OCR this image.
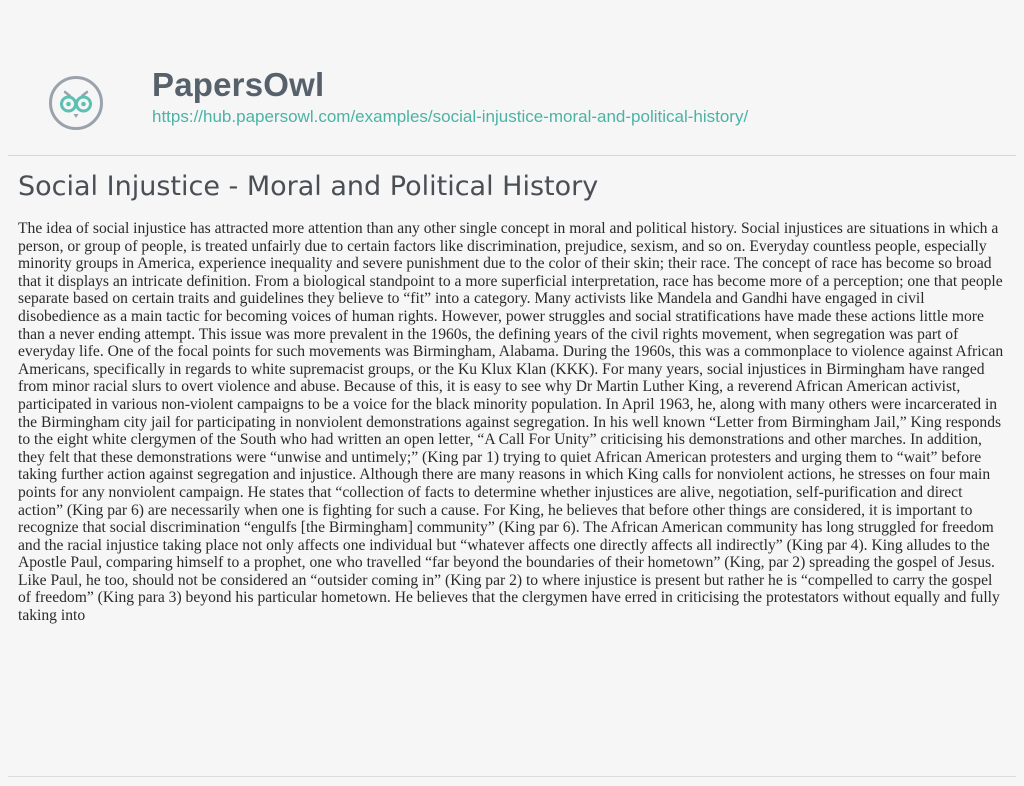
PapersOwl
https://hub.papersowl.com/examples/social-injustice-moral-and-political-history/
Social Injustice - Moral and Political History

The idea of social injustice has attracted more attention than any other single concept in moral and political history. Social injustices are situations in which a person, or group of people, is treated unfairly due to certain factors like discrimination, prejudice, sexism, and so on. Everyday countless people, especially minority groups in America, experience inequality and severe punishment due to the color of their skin; their race. The concept of race has become so broad that it displays an intricate definition. From a biological standpoint to a more superficial interpretation, race has become more of a perception; one that people separate based on certain traits and guidelines they believe to “fit” into a category. Many activists like Mandela and Gandhi have engaged in civil disobedience as a main tactic for becoming voices of human rights. However, power struggles and social stratifications have made these actions little more than a never ending attempt. This issue was more prevalent in the 1960s, the defining years of the civil rights movement, when segregation was part of everyday life. One of the focal points for such movements was Birmingham, Alabama. During the 1960s, this was a commonplace to violence against African Americans, specifically in regards to white supremacist groups, or the Ku Klux Klan (KKK). For many years, social injustices in Birmingham have ranged from minor racial slurs to overt violence and abuse. Because of this, it is easy to see why Dr Martin Luther King, a reverend African American activist, participated in various non-violent campaigns to be a voice for the black minority population. In April 1963, he, along with many others were incarcerated in the Birmingham city jail for participating in nonviolent demonstrations against segregation. In his well known “Letter from Birmingham Jail,” King responds to the eight white clergymen of the South who had written an open letter, “A Call For Unity” criticising his demonstrations and other marches. In addition, they felt that these demonstrations were “unwise and untimely;” (King par 1) trying to quiet African American protesters and urging them to “wait” before taking further action against segregation and injustice. Although there are many reasons in which King calls for nonviolent actions, he stresses on four main points for any nonviolent campaign. He states that “collection of facts to determine whether injustices are alive, negotiation, self-purification and direct action” (King par 6) are necessarily when one is fighting for such a cause. For King, he believes that before other things are considered, it is important to recognize that social discrimination “engulfs [the Birmingham] community” (King par 6). The African American community has long struggled for freedom and the racial injustice taking place not only affects one individual but “whatever affects one directly affects all indirectly” (King par 4). King alludes to the Apostle Paul, comparing himself to a prophet, one who travelled “far beyond the boundaries of their hometown” (King, par 2) spreading the gospel of Jesus. Like Paul, he too, should not be considered an “outsider coming in” (King par 2) to where injustice is present but rather he is “compelled to carry the gospel of freedom” (King para 3) beyond his particular hometown. He believes that the clergymen have erred in criticising the protestators without equally and fully taking into
